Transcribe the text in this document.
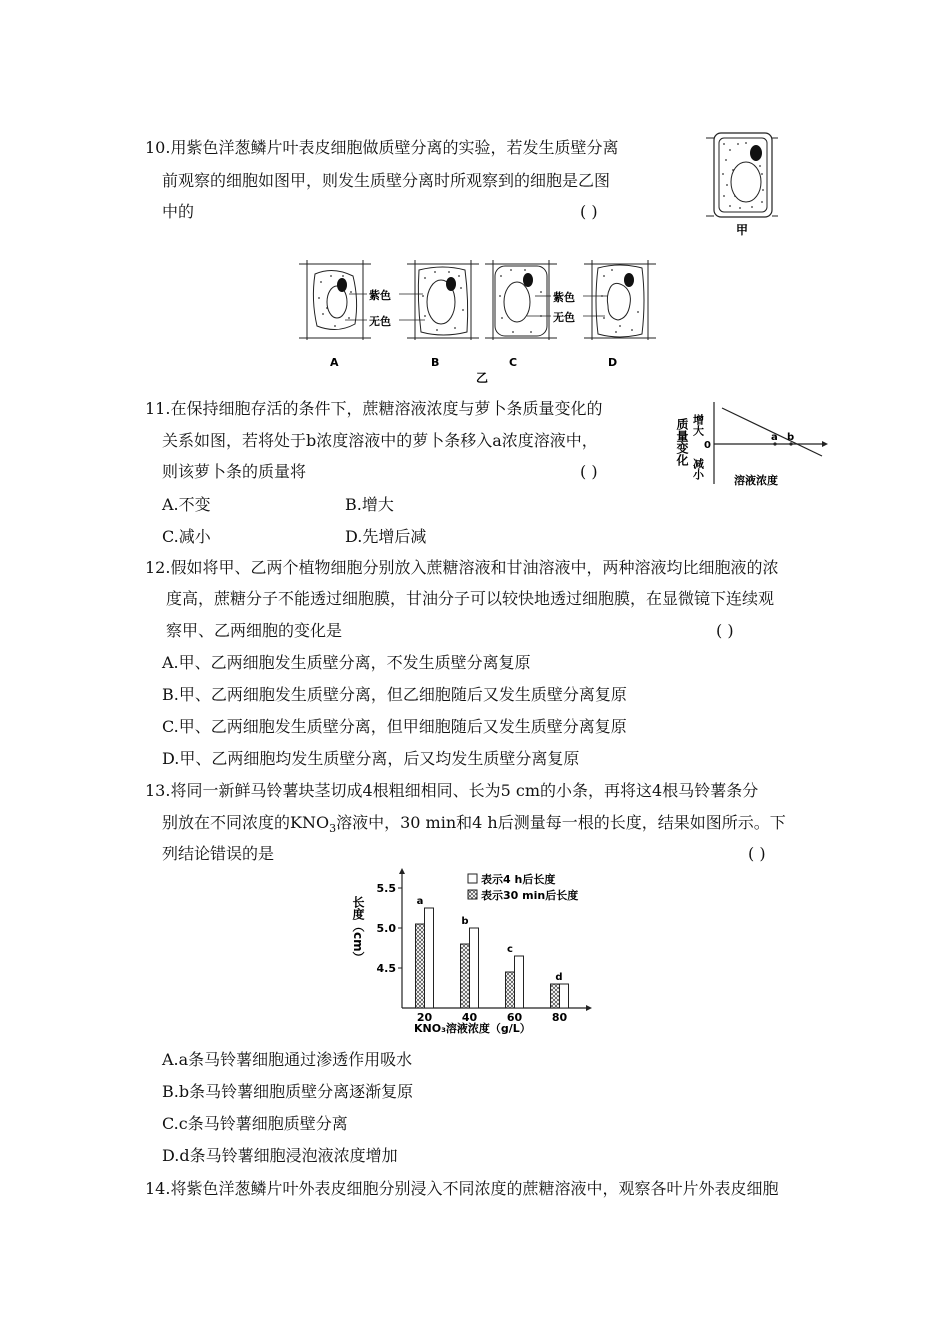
10.用紫色洋葱鳞片叶表皮细胞做质壁分离的实验，若发生质壁分离
前观察的细胞如图甲，则发生质壁分离时所观察到的细胞是乙图
中的	( )
甲
A
紫色
无色
B	C
紫色
无色
D
乙
11.在保持细胞存活的条件下，蔗糖溶液浓度与萝卜条质量变化的
关系如图，若将处于b浓度溶液中的萝卜条移入a浓度溶液中，
则该萝卜条的质量将	( )
A.不变	B.增大
C.减小	D.先增后减
a b
增大
0
减小
质量变化
溶液浓度
12.假如将甲、乙两个植物细胞分别放入蔗糖溶液和甘油溶液中，两种溶液均比细胞液的浓
度高，蔗糖分子不能透过细胞膜，甘油分子可以较快地透过细胞膜，在显微镜下连续观
察甲、乙两细胞的变化是	( )
A.甲、乙两细胞发生质壁分离，不发生质壁分离复原
B.甲、乙两细胞发生质壁分离，但乙细胞随后又发生质壁分离复原
C.甲、乙两细胞发生质壁分离，但甲细胞随后又发生质壁分离复原
D.甲、乙两细胞均发生质壁分离，后又均发生质壁分离复原
13.将同一新鲜马铃薯块茎切成4根粗细相同、长为5 cm的小条，再将这4根马铃薯条分
别放在不同浓度的$KNO_3$溶液中，30 min和4 h后测量每一根的长度，结果如图所示。下
列结论错误的是	( )
4.5
5.0
5.5
a
20
b
40
c
60
d
80
长度（cm）
KNO₃溶液浓度（g/L）
表示4 h后长度
表示30 min后长度
A.a条马铃薯细胞通过渗透作用吸水
B.b条马铃薯细胞质壁分离逐渐复原
C.c条马铃薯细胞质壁分离
D.d条马铃薯细胞浸泡液浓度增加
14.将紫色洋葱鳞片叶外表皮细胞分别浸入不同浓度的蔗糖溶液中，观察各叶片外表皮细胞
